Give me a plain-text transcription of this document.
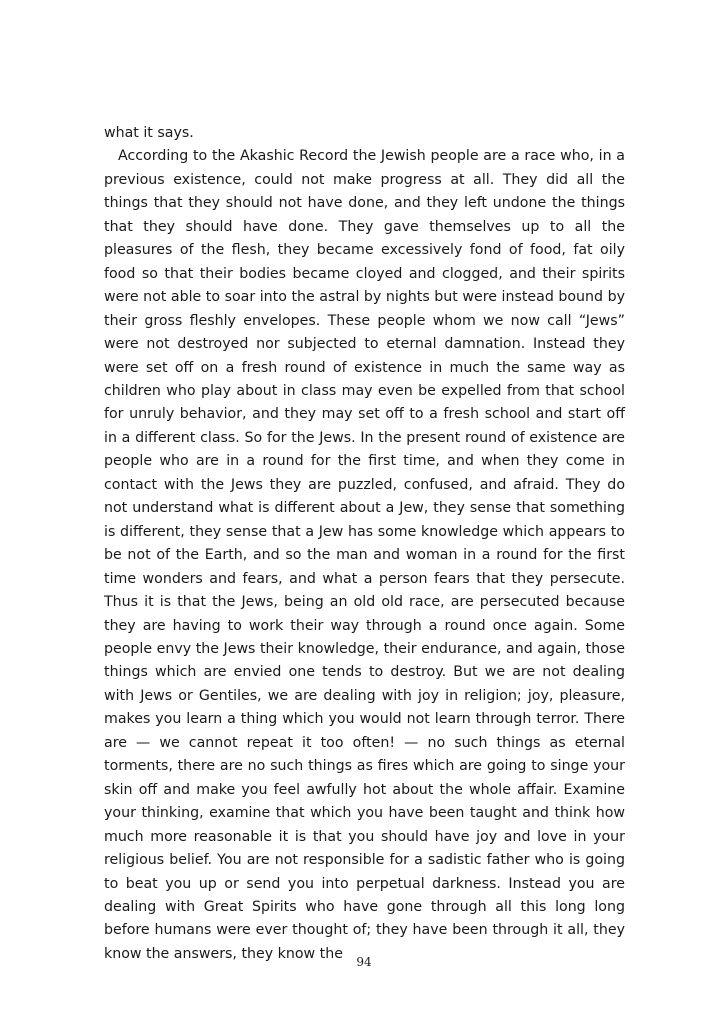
what it says.

According to the Akashic Record the Jewish people are a race who, in a previous existence, could not make progress at all. They did all the things that they should not have done, and they left undone the things that they should have done. They gave themselves up to all the pleasures of the flesh, they became excessively fond of food, fat oily food so that their bodies became cloyed and clogged, and their spirits were not able to soar into the astral by nights but were instead bound by their gross fleshly envelopes. These people whom we now call “Jews” were not destroyed nor subjected to eternal damnation. Instead they were set off on a fresh round of existence in much the same way as children who play about in class may even be expelled from that school for unruly behavior, and they may set off to a fresh school and start off in a different class. So for the Jews. In the present round of existence are people who are in a round for the first time, and when they come in contact with the Jews they are puzzled, confused, and afraid. They do not understand what is different about a Jew, they sense that something is different, they sense that a Jew has some knowledge which appears to be not of the Earth, and so the man and woman in a round for the first time wonders and fears, and what a person fears that they persecute. Thus it is that the Jews, being an old old race, are persecuted because they are having to work their way through a round once again. Some people envy the Jews their knowledge, their endurance, and again, those things which are envied one tends to destroy. But we are not dealing with Jews or Gentiles, we are dealing with joy in religion; joy, pleasure, makes you learn a thing which you would not learn through terror. There are — we cannot repeat it too often! — no such things as eternal torments, there are no such things as fires which are going to singe your skin off and make you feel awfully hot about the whole affair. Examine your thinking, examine that which you have been taught and think how much more reasonable it is that you should have joy and love in your religious belief. You are not responsible for a sadistic father who is going to beat you up or send you into perpetual darkness. Instead you are dealing with Great Spirits who have gone through all this long long before humans were ever thought of; they have been through it all, they know the answers, they know the

94
